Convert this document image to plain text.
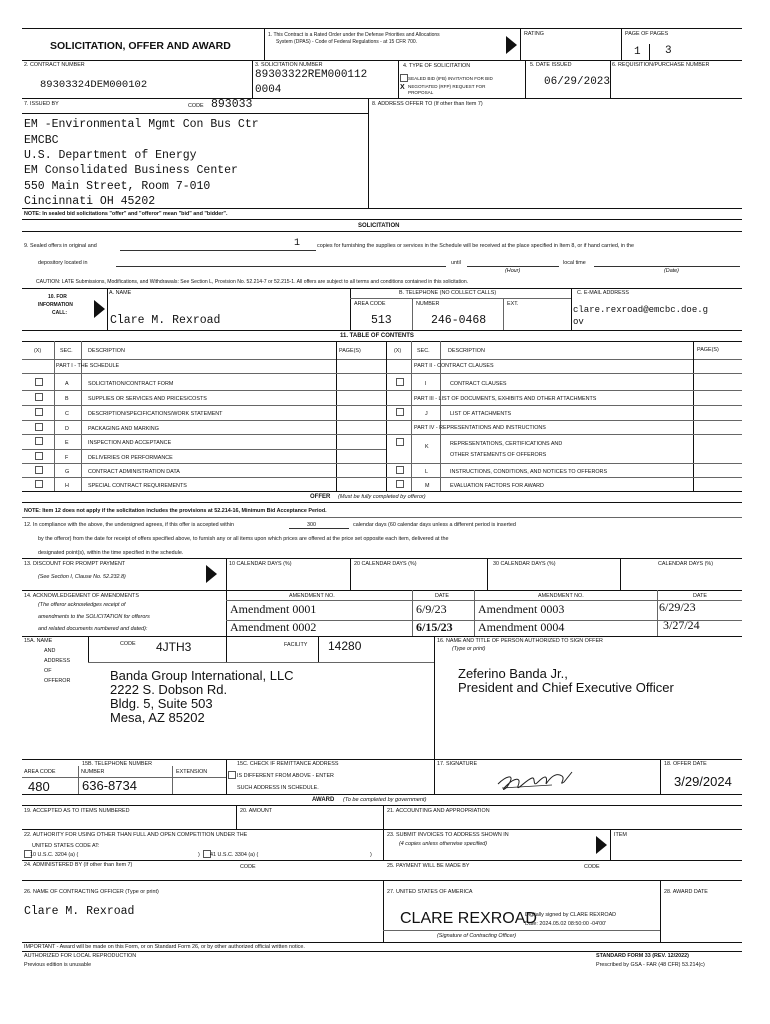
SOLICITATION, OFFER AND AWARD
1. This Contract is a Rated Order under the Defense Priorities and Allocations
System (DPAS) - Code of Federal Regulations - at 15 CFR 700.
RATING	PAGE OF PAGES
1 3
2. CONTRACT NUMBER
89303324DEM000102
3. SOLICITATION NUMBER
89303322REM000112
0004
4. TYPE OF SOLICITATION
SEALED BID (IFB) INVITATION FOR BID
X NEGOTIATED (RFP) REQUEST FOR
PROPOSAL
5. DATE ISSUED
06/29/2023
6. REQUISITION/PURCHASE NUMBER
7. ISSUED BY	CODE 893033	8. ADDRESS OFFER TO (If other than Item 7)
EM -Environmental Mgmt Con Bus Ctr
EMCBC
U.S. Department of Energy
EM Consolidated Business Center
550 Main Street, Room 7-010
Cincinnati OH 45202
NOTE: In sealed bid solicitations "offer" and "offeror" mean "bid" and "bidder".
SOLICITATION
9. Sealed offers in original and	1	copies for furnishing the supplies or services in the Schedule will be received at the place specified in Item 8, or if hand carried, in the
depository located in	until	local time
(Hour)	(Date)
CAUTION: LATE Submissions, Modifications, and Withdrawals: See Section L, Provision No. 52.214-7 or 52.215-1. All offers are subject to all terms and conditions contained in this solicitation.
10. FOR
INFORMATION
CALL:
A. NAME
Clare M. Rexroad
B. TELEPHONE (NO COLLECT CALLS)
AREA CODE	NUMBER	EXT.
513	246-0468
C. E-MAIL ADDRESS
clare.rexroad@emcbc.doe.g
ov
11. TABLE OF CONTENTS
(X)	SEC.	DESCRIPTION	PAGE(S)	(X)	SEC.	DESCRIPTION	PAGE(S)
PART I - THE SCHEDULE	PART II - CONTRACT CLAUSES
A	SOLICITATION/CONTRACT FORM
B	SUPPLIES OR SERVICES AND PRICES/COSTS
C	DESCRIPTION/SPECIFICATIONS/WORK STATEMENT
D	PACKAGING AND MARKING
E	INSPECTION AND ACCEPTANCE
F	DELIVERIES OR PERFORMANCE
G	CONTRACT ADMINISTRATION DATA
H	SPECIAL CONTRACT REQUIREMENTS
I	CONTRACT CLAUSES
PART III - LIST OF DOCUMENTS, EXHIBITS AND OTHER ATTACHMENTS
J	LIST OF ATTACHMENTS
PART IV - REPRESENTATIONS AND INSTRUCTIONS
K	REPRESENTATIONS, CERTIFICATIONS AND
OTHER STATEMENTS OF OFFERORS
L	INSTRUCTIONS, CONDITIONS, AND NOTICES TO OFFERORS
M	EVALUATION FACTORS FOR AWARD
OFFER (Must be fully completed by offeror)
NOTE: Item 12 does not apply if the solicitation includes the provisions at 52.214-16, Minimum Bid Acceptance Period.
12. In compliance with the above, the undersigned agrees, if this offer is accepted within	300	calendar days (60 calendar days unless a different period is inserted
by the offeror) from the date for receipt of offers specified above, to furnish any or all items upon which prices are offered at the price set opposite each item, delivered at the
designated point(s), within the time specified in the schedule.
13. DISCOUNT FOR PROMPT PAYMENT
(See Section I, Clause No. 52.232.8)
10 CALENDAR DAYS (%)	20 CALENDAR DAYS (%)	30 CALENDAR DAYS (%)	CALENDAR DAYS (%)
14. ACKNOWLEDGEMENT OF AMENDMENTS
(The offeror acknowledges receipt of
amendments to the SOLICITATION for offerors
and related documents numbered and dated):
AMENDMENT NO.	DATE	AMENDMENT NO.	DATE
Amendment 0001	6/9/23	Amendment 0003	6/29/23
Amendment 0002	6/15/23 Amendment 0004	3/27/24
15A. NAME
AND
ADDRESS
OF
OFFEROR
CODE 4JTH3	FACILITY 14280
Banda Group International, LLC
2222 S. Dobson Rd.
Bldg. 5, Suite 503
Mesa, AZ 85202
16. NAME AND TITLE OF PERSON AUTHORIZED TO SIGN OFFER
(Type or print)
Zeferino Banda Jr.,
President and Chief Executive Officer
15B. TELEPHONE NUMBER
AREA CODE	NUMBER	EXTENSION
480 636-8734
15C. CHECK IF REMITTANCE ADDRESS
IS DIFFERENT FROM ABOVE - ENTER
SUCH ADDRESS IN SCHEDULE.
17. SIGNATURE	18. OFFER DATE
3/29/2024
AWARD (To be completed by government)
19. ACCEPTED AS TO ITEMS NUMBERED	20. AMOUNT	21. ACCOUNTING AND APPROPRIATION
22. AUTHORITY FOR USING OTHER THAN FULL AND OPEN COMPETITION UNDER THE
UNITED STATES CODE AT:
10 U.S.C. 3204 (a) (	) 41 U.S.C. 3304 (a) (	)
23. SUBMIT INVOICES TO ADDRESS SHOWN IN
(4 copies unless otherwise specified)
ITEM
24. ADMINISTERED BY (If other than Item 7)	CODE	25. PAYMENT WILL BE MADE BY	CODE
26. NAME OF CONTRACTING OFFICER (Type or print)
Clare M. Rexroad
27. UNITED STATES OF AMERICA
CLARE REXROAD
Digitally signed by CLARE REXROAD
Date: 2024.05.02 08:50:00 -04'00'
(Signature of Contracting Officer)
28. AWARD DATE
IMPORTANT - Award will be made on this Form, or on Standard Form 26, or by other authorized official written notice.
AUTHORIZED FOR LOCAL REPRODUCTION
Previous edition is unusable
STANDARD FORM 33 (REV. 12/2022)
Prescribed by GSA - FAR (48 CFR) 53.214(c)
